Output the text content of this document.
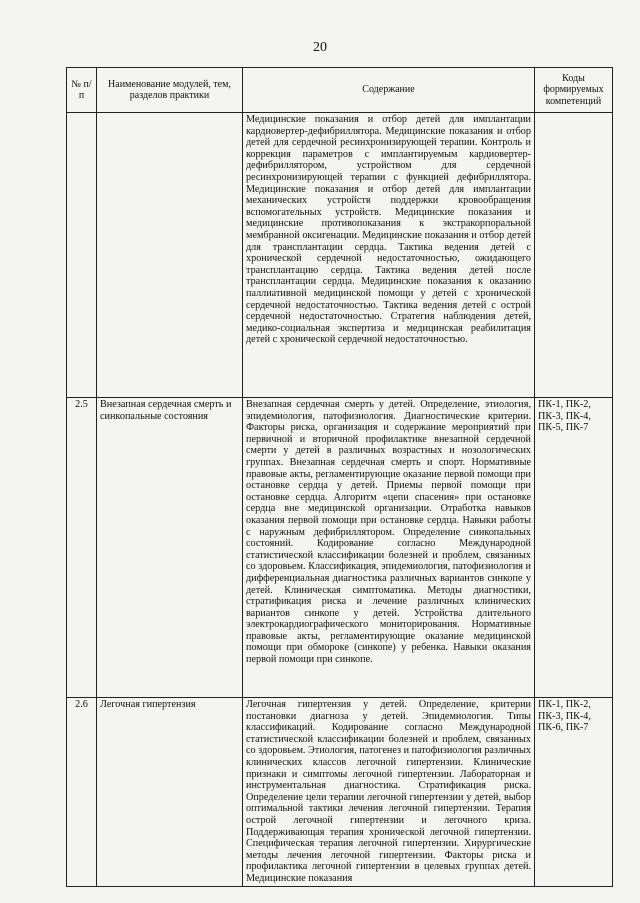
20
№ п/п	Наименование модулей, тем, разделов практики	Содержание	Коды формируемых компетенций
		Медицинские показания и отбор детей для имплантации кардиовертер-дефибриллятора. Медицинские показания и отбор детей для сердечной ресинхронизирующей терапии. Контроль и коррекция параметров с имплантируемым кардиовертер-дефибриллятором, устройством для сердечной ресинхронизирующей терапии с функцией дефибриллятора. Медицинские показания и отбор детей для имплантации механических устройств поддержки кровообращения вспомогательных устройств. Медицинские показания и медицинские противопоказания к экстракорпоральной мембранной оксигенации. Медицинские показания и отбор детей для трансплантации сердца. Тактика ведения детей с хронической сердечной недостаточностью, ожидающего трансплантацию сердца. Тактика ведения детей после трансплантации сердца. Медицинские показания к оказанию паллиативной медицинской помощи у детей с хронической сердечной недостаточностью. Тактика ведения детей с острой сердечной недостаточностью. Стратегия наблюдения детей, медико-социальная экспертиза и медицинская реабилитация детей с хронической сердечной недостаточностью.	
2.5	Внезапная сердечная смерть и синкопальные состояния	Внезапная сердечная смерть у детей. Определение, этиология, эпидемиология, патофизиология. Диагностические критерии. Факторы риска, организация и содержание мероприятий при первичной и вторичной профилактике внезапной сердечной смерти у детей в различных возрастных и нозологических группах. Внезапная сердечная смерть и спорт. Нормативные правовые акты, регламентирующие оказание первой помощи при остановке сердца у детей. Приемы первой помощи при остановке сердца. Алгоритм «цепи спасения» при остановке сердца вне медицинской организации. Отработка навыков оказания первой помощи при остановке сердца. Навыки работы с наружным дефибриллятором. Определение синкопальных состояний. Кодирование согласно Международной статистической классификации болезней и проблем, связанных со здоровьем. Классификация, эпидемиология, патофизиология и дифференциальная диагностика различных вариантов синкопе у детей. Клиническая симптоматика. Методы диагностики, стратификация риска и лечение различных клинических вариантов синкопе у детей. Устройства длительного электрокардиографического мониторирования. Нормативные правовые акты, регламентирующие оказание медицинской помощи при обмороке (синкопе) у ребенка. Навыки оказания первой помощи при синкопе.	ПК-1, ПК-2, ПК-3, ПК-4, ПК-5, ПК-7
2.6	Легочная гипертензия	Легочная гипертензия у детей. Определение, критерии постановки диагноза у детей. Эпидемиология. Типы классификаций. Кодирование согласно Международной статистической классификации болезней и проблем, связанных со здоровьем. Этиология, патогенез и патофизиология различных клинических классов легочной гипертензии. Клинические признаки и симптомы легочной гипертензии. Лабораторная и инструментальная диагностика. Стратификация риска. Определение цели терапии легочной гипертензии у детей, выбор оптимальной тактики лечения легочной гипертензии. Терапия острой легочной гипертензии и легочного криза. Поддерживающая терапия хронической легочной гипертензии. Специфическая терапия легочной гипертензии. Хирургические методы лечения легочной гипертензии. Факторы риска и профилактика легочной гипертензии в целевых группах детей. Медицинские показания	ПК-1, ПК-2, ПК-3, ПК-4, ПК-6, ПК-7
